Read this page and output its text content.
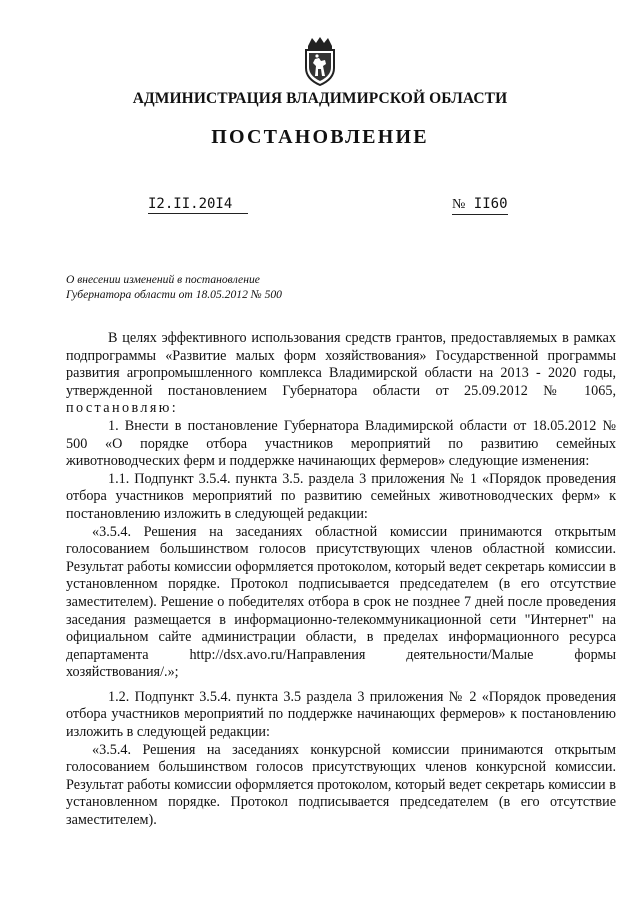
АДМИНИСТРАЦИЯ ВЛАДИМИРСКОЙ ОБЛАСТИ
ПОСТАНОВЛЕНИЕ
I2.II.20I4	№ II60
О внесении изменений в постановление
Губернатора области от 18.05.2012 № 500

В целях эффективного использования средств грантов, предоставляемых в рамках подпрограммы «Развитие малых форм хозяйствования» Государственной программы развития агропромышленного комплекса Владимирской области на 2013 - 2020 годы, утвержденной постановлением Губернатора области от 25.09.2012 № 1065, постановляю:

1. Внести в постановление Губернатора Владимирской области от 18.05.2012 № 500 «О порядке отбора участников мероприятий по развитию семейных животноводческих ферм и поддержке начинающих фермеров» следующие изменения:

1.1. Подпункт 3.5.4. пункта 3.5. раздела 3 приложения № 1 «Порядок проведения отбора участников мероприятий по развитию семейных животноводческих ферм» к постановлению изложить в следующей редакции:

«3.5.4. Решения на заседаниях областной комиссии принимаются открытым голосованием большинством голосов присутствующих членов областной комиссии. Результат работы комиссии оформляется протоколом, который ведет секретарь комиссии в установленном порядке. Протокол подписывается председателем (в его отсутствие заместителем). Решение о победителях отбора в срок не позднее 7 дней после проведения заседания размещается в информационно-телекоммуникационной сети "Интернет" на официальном сайте администрации области, в пределах информационного ресурса департамента http://dsx.avo.ru/Направления деятельности/Малые формы хозяйствования/.»;

1.2. Подпункт 3.5.4. пункта 3.5 раздела 3 приложения № 2 «Порядок проведения отбора участников мероприятий по поддержке начинающих фермеров» к постановлению изложить в следующей редакции:

«3.5.4. Решения на заседаниях конкурсной комиссии принимаются открытым голосованием большинством голосов присутствующих членов конкурсной комиссии. Результат работы комиссии оформляется протоколом, который ведет секретарь комиссии в установленном порядке. Протокол подписывается председателем (в его отсутствие заместителем).
